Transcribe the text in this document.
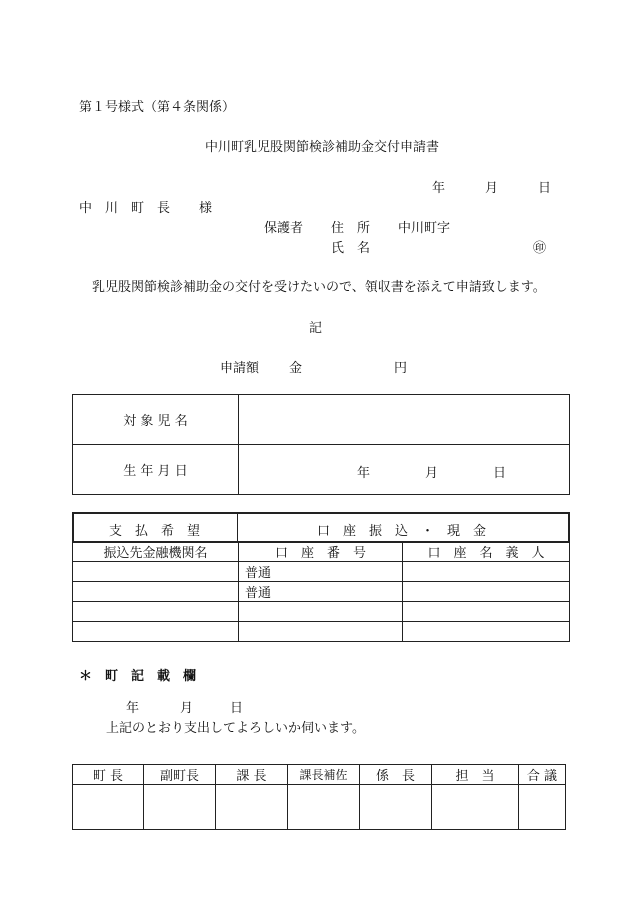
第１号様式（第４条関係）
中川町乳児股関節検診補助金交付申請書
年	月	日
中　川　町　長 様
保護者 住　所 中川町字
氏　名	㊞
乳児股関節検診補助金の交付を受けたいので、領収書を添えて申請致します。
記
申請額 金	円
対 象 児 名	
生 年 月 日	年 月 日
支　払　希　望	口　座　振　込　・　現　金
振込先金融機関名	口　座　番　号	口　座　名　義　人
	普通	
	普通	

＊　町　記　載　欄
年	月	日
上記のとおり支出してよろしいか伺います。
町 長	副町長	課 長	課長補佐	係　長	担　当	合 議
